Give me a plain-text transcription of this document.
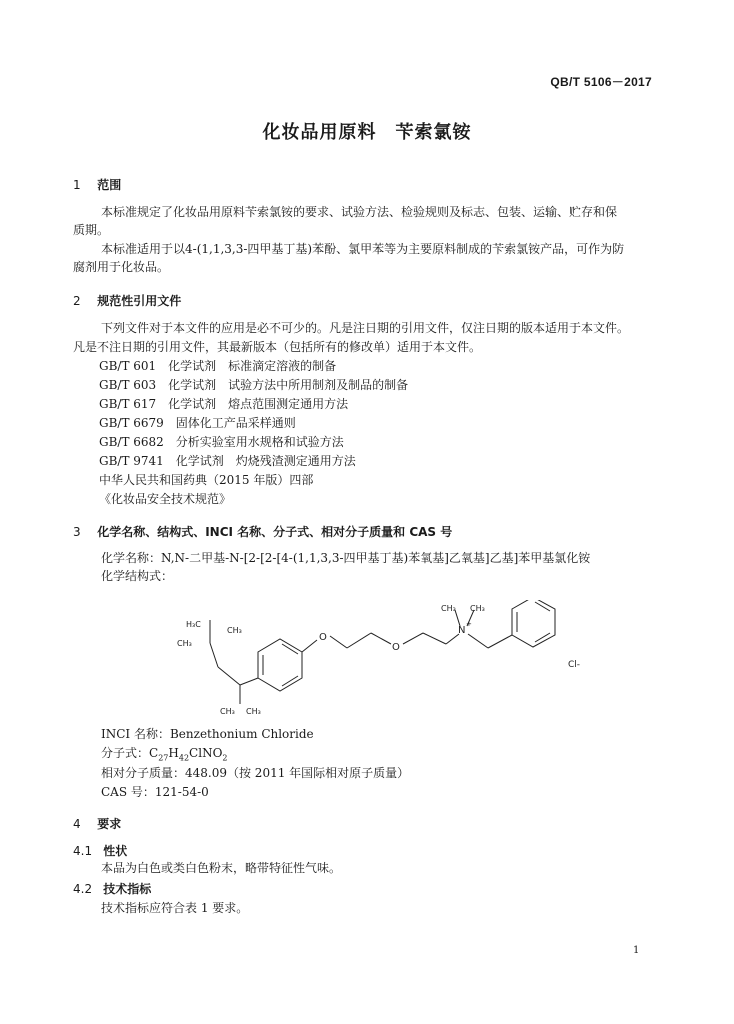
QB/T 5106－2017
化妆品用原料　苄索氯铵
1 范围
本标准规定了化妆品用原料苄索氯铵的要求、试验方法、检验规则及标志、包装、运输、贮存和保
质期。
本标准适用于以4-(1,1,3,3-四甲基丁基)苯酚、氯甲苯等为主要原料制成的苄索氯铵产品，可作为防
腐剂用于化妆品。
2 规范性引用文件
下列文件对于本文件的应用是必不可少的。凡是注日期的引用文件，仅注日期的版本适用于本文件。
凡是不注日期的引用文件，其最新版本（包括所有的修改单）适用于本文件。
GB/T 601　化学试剂　标准滴定溶液的制备
GB/T 603　化学试剂　试验方法中所用制剂及制品的制备
GB/T 617　化学试剂　熔点范围测定通用方法
GB/T 6679　固体化工产品采样通则
GB/T 6682　分析实验室用水规格和试验方法
GB/T 9741　化学试剂　灼烧残渣测定通用方法
中华人民共和国药典（2015 年版）四部
《化妆品安全技术规范》
3 化学名称、结构式、INCI 名称、分子式、相对分子质量和 CAS 号
化学名称：N,N-二甲基-N-[2-[2-[4-(1,1,3,3-四甲基丁基)苯氧基]乙氧基]乙基]苯甲基氯化铵
化学结构式：
H₃C
CH₃
CH₃
CH₃ CH₃
CH₃ CH₃
O
O
N
+
Cl-
INCI 名称：Benzethonium Chloride
分子式：$C_{27}H_{42}ClNO_2$
相对分子质量：448.09（按 2011 年国际相对原子质量）
CAS 号：121-54-0
4 要求
4.1 性状
本品为白色或类白色粉末，略带特征性气味。
4.2 技术指标
技术指标应符合表 1 要求。
1
